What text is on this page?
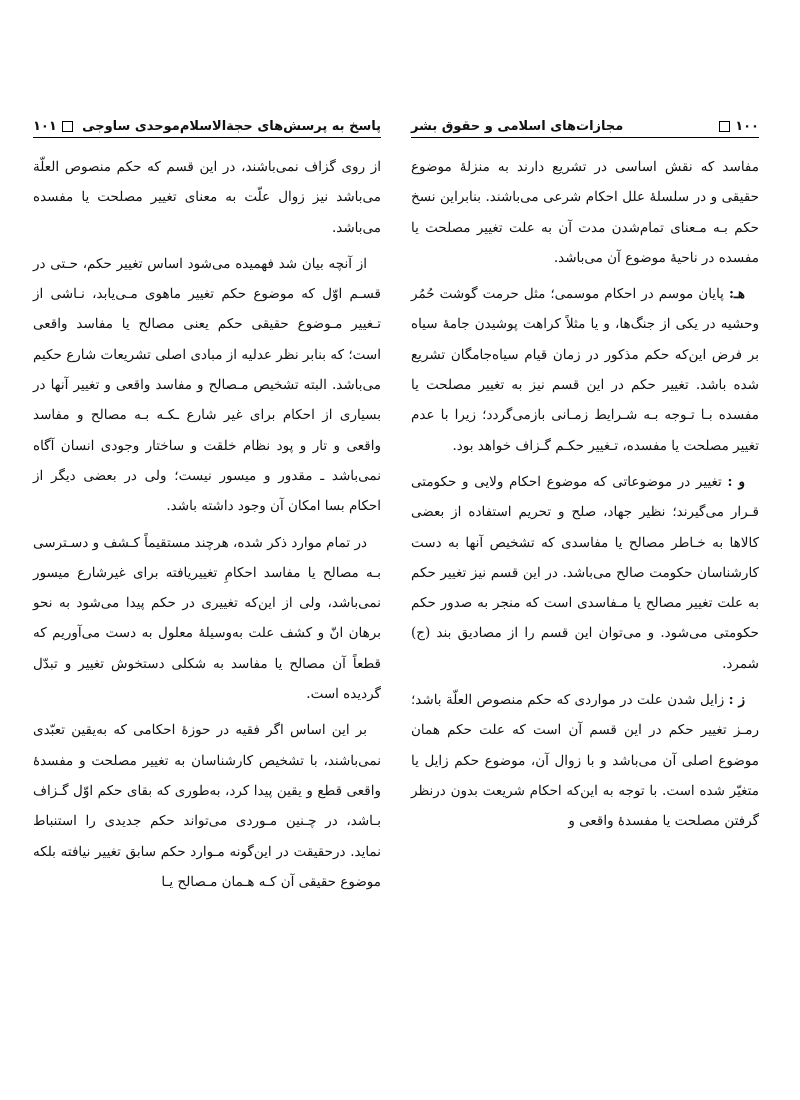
۱۰۰
مجازات‌های اسلامی و حقوق بشر

مفاسد که نقش اساسی در تشریع دارند به منزلهٔ موضوع حقیقی و در سلسلهٔ علل احکام شرعی می‌باشند. بنابراین نسخ حکم بـه مـعنای تمام‌شدن مدت آن به علت تغییر مصلحت یا مفسده در ناحیهٔ موضوع آن می‌باشد.

هـ: پایان موسم در احکام موسمی؛ مثل حرمت گوشت حُمُر وحشیه در یکی از جنگ‌ها، و یا مثلاً کراهت پوشیدن جامهٔ سیاه بر فرض این‌که حکم مذکور در زمان قیام سیاه‌جامگان تشریع شده باشد. تغییر حکم در این قسم نیز به تغییر مصلحت یا مفسده بـا تـوجه بـه شـرایط زمـانی بازمی‌گردد؛ زیرا با عدم تغییر مصلحت یا مفسده، تـغییر حکـم گـزاف خواهد بود.

و : تغییر در موضوعاتی که موضوع احکام ولایی و حکومتی قـرار می‌گیرند؛ نظیر جهاد، صلح و تحریم استفاده از بعضی کالاها به خـاطر مصالح یا مفاسدی که تشخیص آنها به دست کارشناسان حکومت صالح می‌باشد. در این قسم نیز تغییر حکم به علت تغییر مصالح یا مـفاسدی است که منجر به صدور حکم حکومتی می‌شود. و می‌توان این قسم را از مصادیق بند (ج) شمرد.

ز : زایل شدن علت در مواردی که حکم منصوص العلّة باشد؛ رمـز تغییر حکم در این قسم آن است که علت حکم همان موضوع اصلی آن می‌باشد و با زوال آن، موضوع حکم زایل یا متغیّر شده است. با توجه به این‌که احکام شریعت بدون درنظر گرفتن مصلحت یا مفسدهٔ واقعی و

پاسخ به پرسش‌های حجةالاسلام‌موحدی ساوجی
۱۰۱

از روی گزاف نمی‌باشند، در این قسم که حکم منصوص العلّة می‌باشد نیز زوال علّت به معنای تغییر مصلحت یا مفسده می‌باشد.

از آنچه بیان شد فهمیده می‌شود اساس تغییر حکم، حـتی در قسـم اوّل که موضوع حکم تغییر ماهوی مـی‌یابد، نـاشی از تـغییر مـوضوع حقیقی حکم یعنی مصالح یا مفاسد واقعی است؛ که بنابر نظر عدلیه از مبادی اصلی تشریعات شارع حکیم می‌باشد. البته تشخیص مـصالح و مفاسد واقعی و تغییر آنها در بسیاری از احکام برای غیر شارع ـکـه بـه مصالح و مفاسد واقعی و تار و پود نظام خلقت و ساختار وجودی انسان آگاه نمی‌باشد ـ مقدور و میسور نیست؛ ولی در بعضی دیگر از احکام بسا امکان آن وجود داشته باشد.

در تمام موارد ذکر شده، هرچند مستقیماً کـشف و دسـترسی بـه مصالح یا مفاسد احکامِ تغییریافته برای غیرشارع میسور نمی‌باشد، ولی از این‌که تغییری در حکم پیدا می‌شود به نحو برهان انّ و کشف علت بەوسیلهٔ معلول به دست می‌آوریم که قطعاً آن مصالح یا مفاسد به شکلی دستخوش تغییر و تبدّل گردیده است.

بر این اساس اگر فقیه در حوزهٔ احکامی که به‌یقین تعبّدی نمی‌باشند، با تشخیص کارشناسان به تغییر مصلحت و مفسدهٔ واقعی قطع و یقین پیدا کرد، بەطوری که بقای حکم اوّل گـزاف بـاشد، در چـنین مـوردی می‌تواند حکم جدیدی را استنباط نماید. درحقیقت در این‌گونه مـوارد حکم سابق تغییر نیافته بلکه موضوع حقیقی آن کـه هـمان مـصالح یـا
